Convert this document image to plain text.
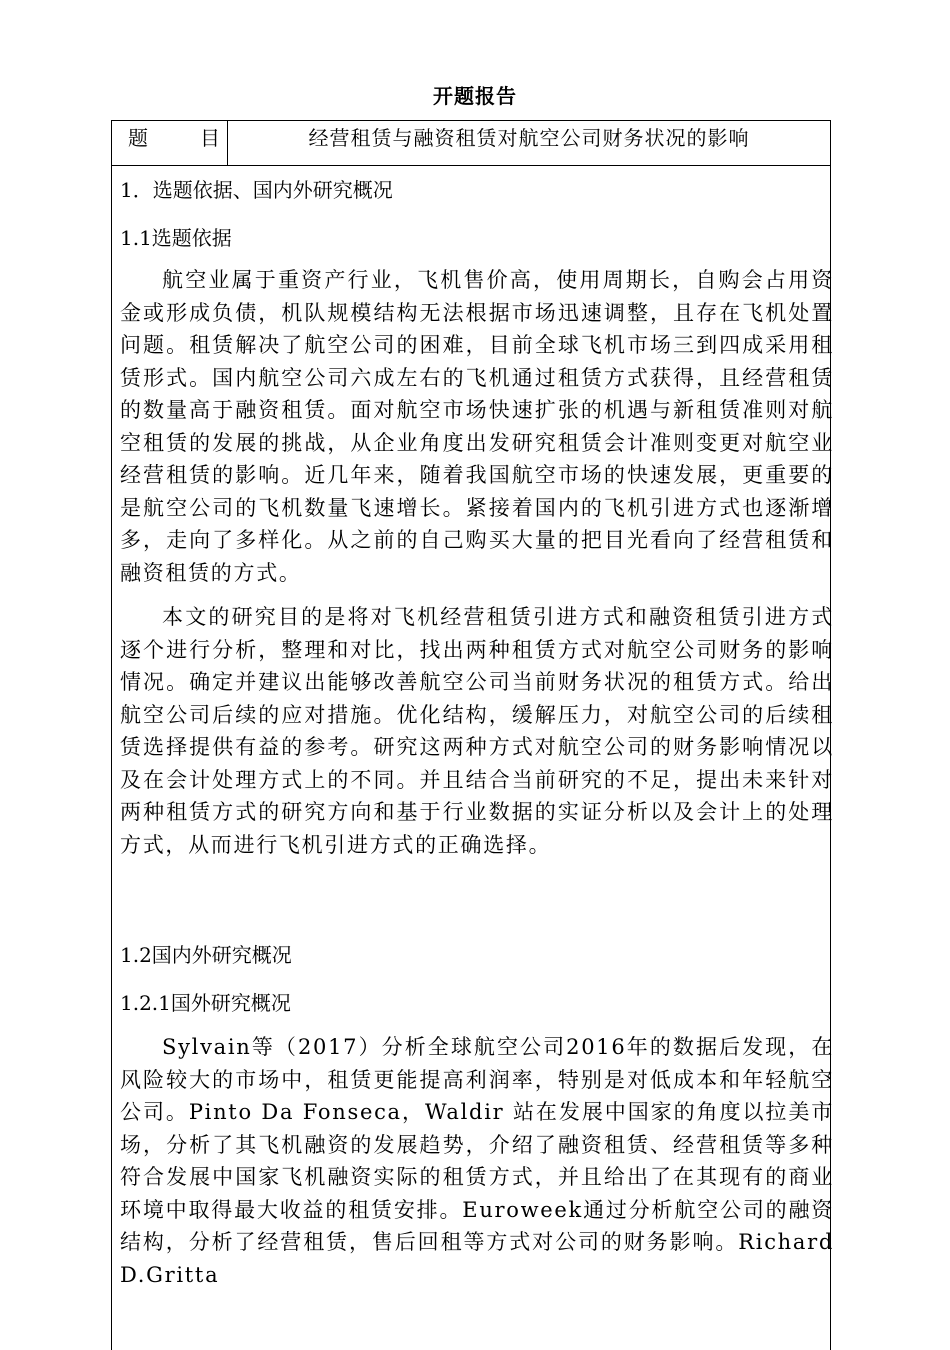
开题报告
题目	经营租赁与融资租赁对航空公司财务状况的影响

1．选题依据、国内外研究概况

1.1选题依据

航空业属于重资产行业，飞机售价高，使用周期长，自购会占用资金或形成负债，机队规模结构无法根据市场迅速调整，且存在飞机处置问题。租赁解决了航空公司的困难，目前全球飞机市场三到四成采用租赁形式。国内航空公司六成左右的飞机通过租赁方式获得，且经营租赁的数量高于融资租赁。面对航空市场快速扩张的机遇与新租赁准则对航空租赁的发展的挑战，从企业角度出发研究租赁会计准则变更对航空业经营租赁的影响。近几年来，随着我国航空市场的快速发展，更重要的是航空公司的飞机数量飞速增长。紧接着国内的飞机引进方式也逐渐增多，走向了多样化。从之前的自己购买大量的把目光看向了经营租赁和融资租赁的方式。

本文的研究目的是将对飞机经营租赁引进方式和融资租赁引进方式逐个进行分析，整理和对比，找出两种租赁方式对航空公司财务的影响情况。确定并建议出能够改善航空公司当前财务状况的租赁方式。给出航空公司后续的应对措施。优化结构，缓解压力，对航空公司的后续租赁选择提供有益的参考。研究这两种方式对航空公司的财务影响情况以及在会计处理方式上的不同。并且结合当前研究的不足，提出未来针对两种租赁方式的研究方向和基于行业数据的实证分析以及会计上的处理方式，从而进行飞机引进方式的正确选择。

1.2国内外研究概况

1.2.1国外研究概况

Sylvain等（2017）分析全球航空公司2016年的数据后发现，在风险较大的市场中，租赁更能提高利润率，特别是对低成本和年轻航空公司。Pinto Da Fonseca，Waldir 站在发展中国家的角度以拉美市场，分析了其飞机融资的发展趋势，介绍了融资租赁、经营租赁等多种符合发展中国家飞机融资实际的租赁方式，并且给出了在其现有的商业环境中取得最大收益的租赁安排。Euroweek通过分析航空公司的融资结构，分析了经营租赁，售后回租等方式对公司的财务影响。Richard D.Gritta
